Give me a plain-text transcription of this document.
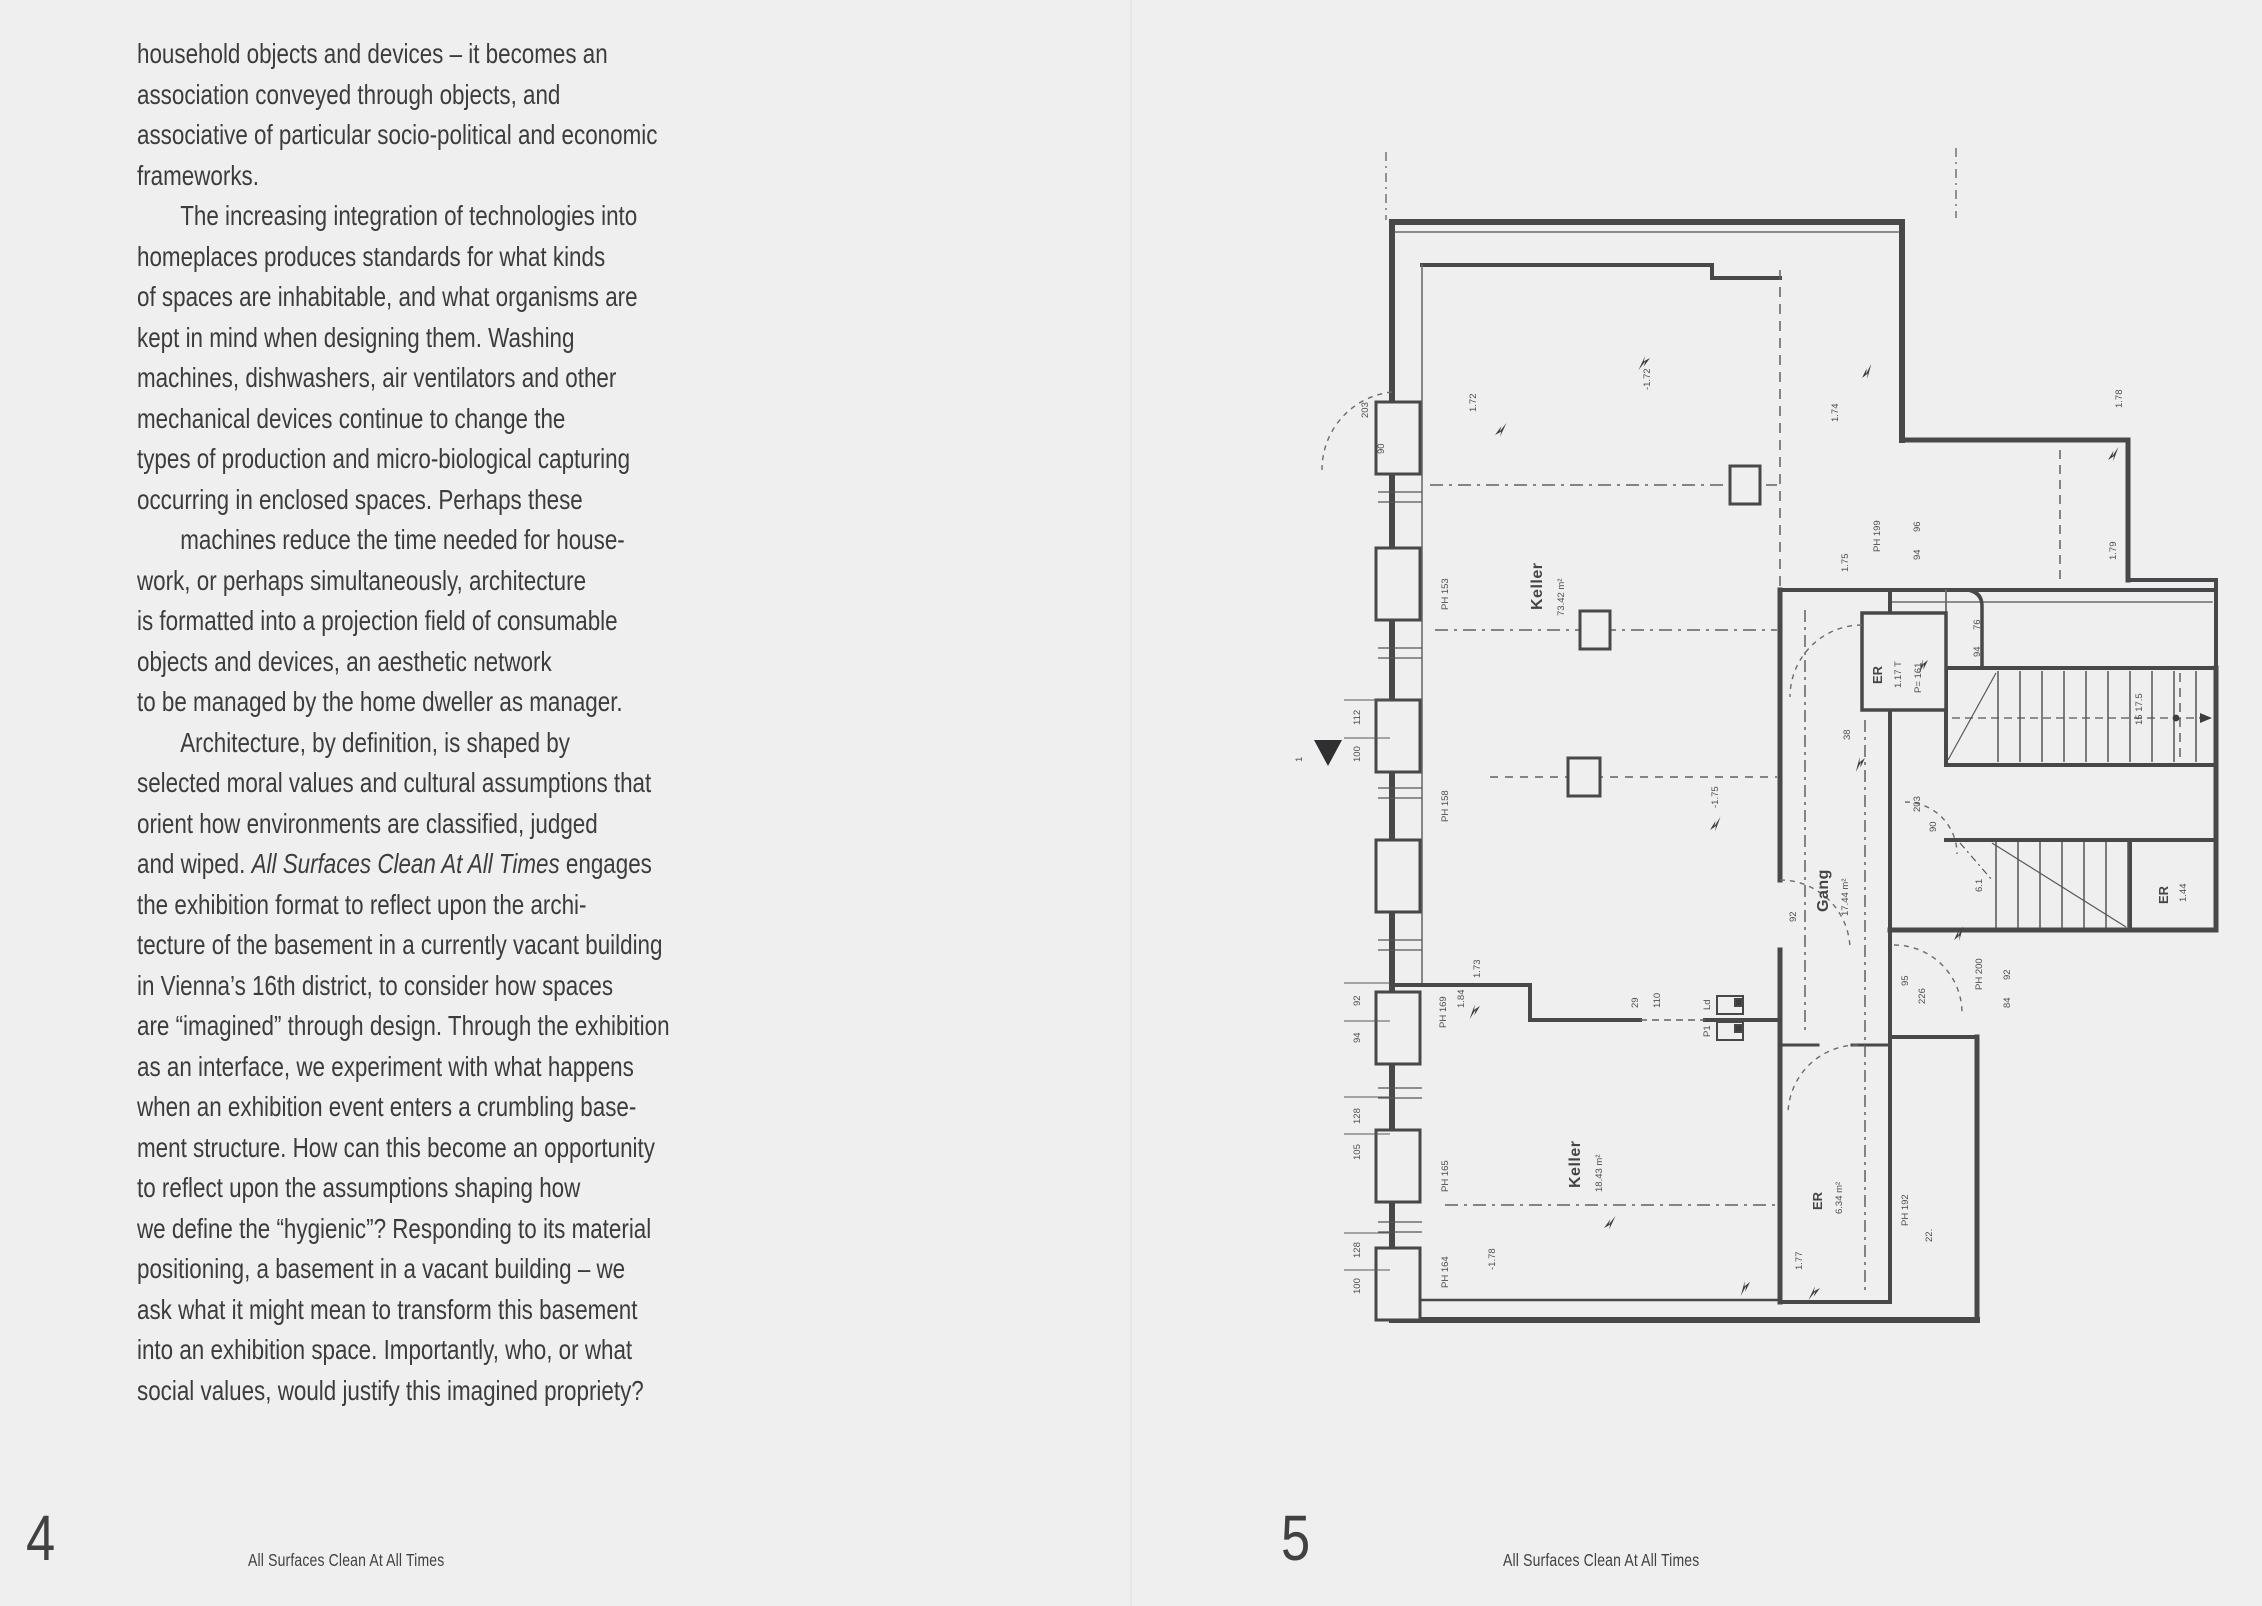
household objects and devices – it becomes an
association conveyed through objects, and
associative of particular socio-political and economic
frameworks.
The increasing integration of technologies into
homeplaces produces standards for what kinds
of spaces are inhabitable, and what organisms are
kept in mind when designing them. Washing
machines, dishwashers, air ventilators and other
mechanical devices continue to change the
types of production and micro-biological capturing
occurring in enclosed spaces. Perhaps these
machines reduce the time needed for house-
work, or perhaps simultaneously, architecture
is formatted into a projection field of consumable
objects and devices, an aesthetic network
to be managed by the home dweller as manager.
Architecture, by definition, is shaped by
selected moral values and cultural assumptions that
orient how environments are classified, judged
and wiped. All Surfaces Clean At All Times engages
the exhibition format to reflect upon the archi-
tecture of the basement in a currently vacant building
in Vienna’s 16th district, to consider how spaces
are “imagined” through design. Through the exhibition
as an interface, we experiment with what happens
when an exhibition event enters a crumbling base-
ment structure. How can this become an opportunity
to reflect upon the assumptions shaping how
we define the “hygienic”? Responding to its material
positioning, a basement in a vacant building – we
ask what it might mean to transform this basement
into an exhibition space. Importantly, who, or what
social values, would justify this imagined propriety?
Keller 73.42 m²
Gang 17.44 m²
Keller 18.43 m²
ER 1.17 T P= 161
ER 1.44
ER 6.34 m²
203
90
112
100
92
94
128
105
128
100
PH 153
PH 158
PH 169 1.84
PH 165
PH 164
1.72
-1.72
1.74
1.75
-1.75
1.73
-1.78
1.78
1.79
PH 199	96
94
76
94
38
203
90
15 17.5
6.1
92
95
226
PH 200 92
84
PH 192
22.
1.77
29 110	Ld
P1
1
4	All Surfaces Clean At All Times	5	All Surfaces Clean At All Times
